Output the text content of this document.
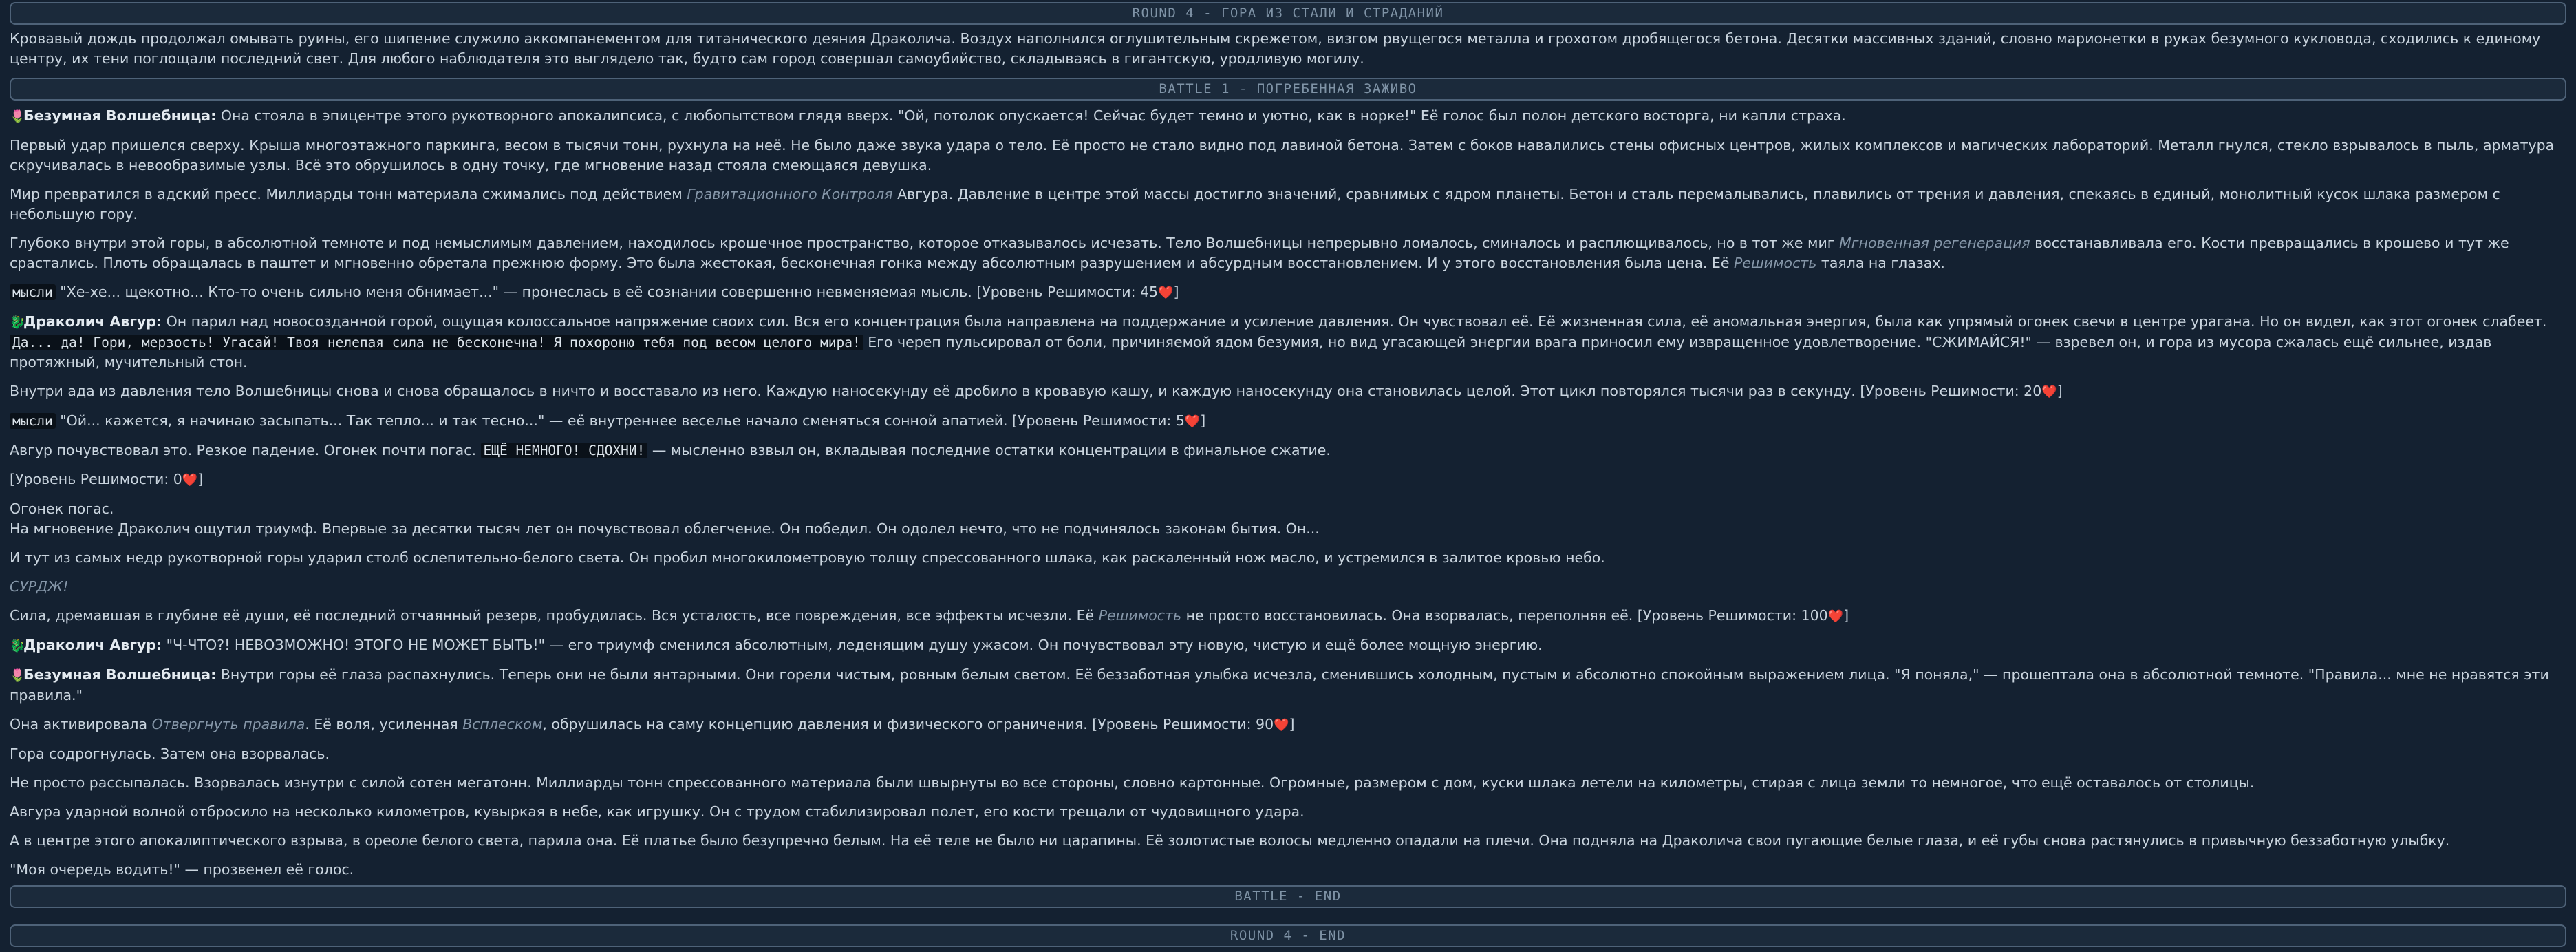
ROUND 4 - ГОРА ИЗ СТАЛИ И СТРАДАНИЙ

Кровавый дождь продолжал омывать руины, его шипение служило аккомпанементом для титанического деяния Драколича. Воздух наполнился оглушительным скрежетом, визгом рвущегося металла и грохотом дробящегося бетона. Десятки массивных зданий, словно марионетки в руках безумного кукловода, сходились к единому центру, их тени поглощали последний свет. Для любого наблюдателя это выглядело так, будто сам город совершал самоубийство, складываясь в гигантскую, уродливую могилу.

BATTLE 1 - ПОГРЕБЕННАЯ ЗАЖИВО

🌷Безумная Волшебница: Она стояла в эпицентре этого рукотворного апокалипсиса, с любопытством глядя вверх. "Ой, потолок опускается! Сейчас будет темно и уютно, как в норке!" Её голос был полон детского восторга, ни капли страха.

Первый удар пришелся сверху. Крыша многоэтажного паркинга, весом в тысячи тонн, рухнула на неё. Не было даже звука удара о тело. Её просто не стало видно под лавиной бетона. Затем с боков навалились стены офисных центров, жилых комплексов и магических лабораторий. Металл гнулся, стекло взрывалось в пыль, арматура скручивалась в невообразимые узлы. Всё это обрушилось в одну точку, где мгновение назад стояла смеющаяся девушка.

Мир превратился в адский пресс. Миллиарды тонн материала сжимались под действием Гравитационного Контроля Авгура. Давление в центре этой массы достигло значений, сравнимых с ядром планеты. Бетон и сталь перемалывались, плавились от трения и давления, спекаясь в единый, монолитный кусок шлака размером с небольшую гору.

Глубоко внутри этой горы, в абсолютной темноте и под немыслимым давлением, находилось крошечное пространство, которое отказывалось исчезать. Тело Волшебницы непрерывно ломалось, сминалось и расплющивалось, но в тот же миг Мгновенная регенерация восстанавливала его. Кости превращались в крошево и тут же срастались. Плоть обращалась в паштет и мгновенно обретала прежнюю форму. Это была жестокая, бесконечная гонка между абсолютным разрушением и абсурдным восстановлением. И у этого восстановления была цена. Её Решимость таяла на глазах.

мысли "Хе-хе... щекотно... Кто-то очень сильно меня обнимает..." — пронеслась в её сознании совершенно невменяемая мысль. [Уровень Решимости: 45❤️]

🐉Драколич Авгур: Он парил над новосозданной горой, ощущая колоссальное напряжение своих сил. Вся его концентрация была направлена на поддержание и усиление давления. Он чувствовал её. Её жизненная сила, её аномальная энергия, была как упрямый огонек свечи в центре урагана. Но он видел, как этот огонек слабеет. Да... да! Гори, мерзость! Угасай! Твоя нелепая сила не бесконечна! Я похороню тебя под весом целого мира! Его череп пульсировал от боли, причиняемой ядом безумия, но вид угасающей энергии врага приносил ему извращенное удовлетворение. "СЖИМАЙСЯ!" — взревел он, и гора из мусора сжалась ещё сильнее, издав протяжный, мучительный стон.

Внутри ада из давления тело Волшебницы снова и снова обращалось в ничто и восставало из него. Каждую наносекунду её дробило в кровавую кашу, и каждую наносекунду она становилась целой. Этот цикл повторялся тысячи раз в секунду. [Уровень Решимости: 20❤️]

мысли "Ой... кажется, я начинаю засыпать... Так тепло... и так тесно..." — её внутреннее веселье начало сменяться сонной апатией. [Уровень Решимости: 5❤️]

Авгур почувствовал это. Резкое падение. Огонек почти погас. ЕЩЁ НЕМНОГО! СДОХНИ! — мысленно взвыл он, вкладывая последние остатки концентрации в финальное сжатие.

[Уровень Решимости: 0❤️]

Огонек погас.

На мгновение Драколич ощутил триумф. Впервые за десятки тысяч лет он почувствовал облегчение. Он победил. Он одолел нечто, что не подчинялось законам бытия. Он...

И тут из самых недр рукотворной горы ударил столб ослепительно-белого света. Он пробил многокилометровую толщу спрессованного шлака, как раскаленный нож масло, и устремился в залитое кровью небо.

СУРДЖ!

Сила, дремавшая в глубине её души, её последний отчаянный резерв, пробудилась. Вся усталость, все повреждения, все эффекты исчезли. Её Решимость не просто восстановилась. Она взорвалась, переполняя её. [Уровень Решимости: 100❤️]

🐉Драколич Авгур: "Ч-ЧТО?! НЕВОЗМОЖНО! ЭТОГО НЕ МОЖЕТ БЫТЬ!" — его триумф сменился абсолютным, леденящим душу ужасом. Он почувствовал эту новую, чистую и ещё более мощную энергию.

🌷Безумная Волшебница: Внутри горы её глаза распахнулись. Теперь они не были янтарными. Они горели чистым, ровным белым светом. Её беззаботная улыбка исчезла, сменившись холодным, пустым и абсолютно спокойным выражением лица. "Я поняла," — прошептала она в абсолютной темноте. "Правила... мне не нравятся эти правила."

Она активировала Отвергнуть правила. Её воля, усиленная Всплеском, обрушилась на саму концепцию давления и физического ограничения. [Уровень Решимости: 90❤️]

Гора содрогнулась. Затем она взорвалась.

Не просто рассыпалась. Взорвалась изнутри с силой сотен мегатонн. Миллиарды тонн спрессованного материала были швырнуты во все стороны, словно картонные. Огромные, размером с дом, куски шлака летели на километры, стирая с лица земли то немногое, что ещё оставалось от столицы.

Авгура ударной волной отбросило на несколько километров, кувыркая в небе, как игрушку. Он с трудом стабилизировал полет, его кости трещали от чудовищного удара.

А в центре этого апокалиптического взрыва, в ореоле белого света, парила она. Её платье было безупречно белым. На её теле не было ни царапины. Её золотистые волосы медленно опадали на плечи. Она подняла на Драколича свои пугающие белые глаза, и её губы снова растянулись в привычную беззаботную улыбку.

"Моя очередь водить!" — прозвенел её голос.

BATTLE - END
ROUND 4 - END
